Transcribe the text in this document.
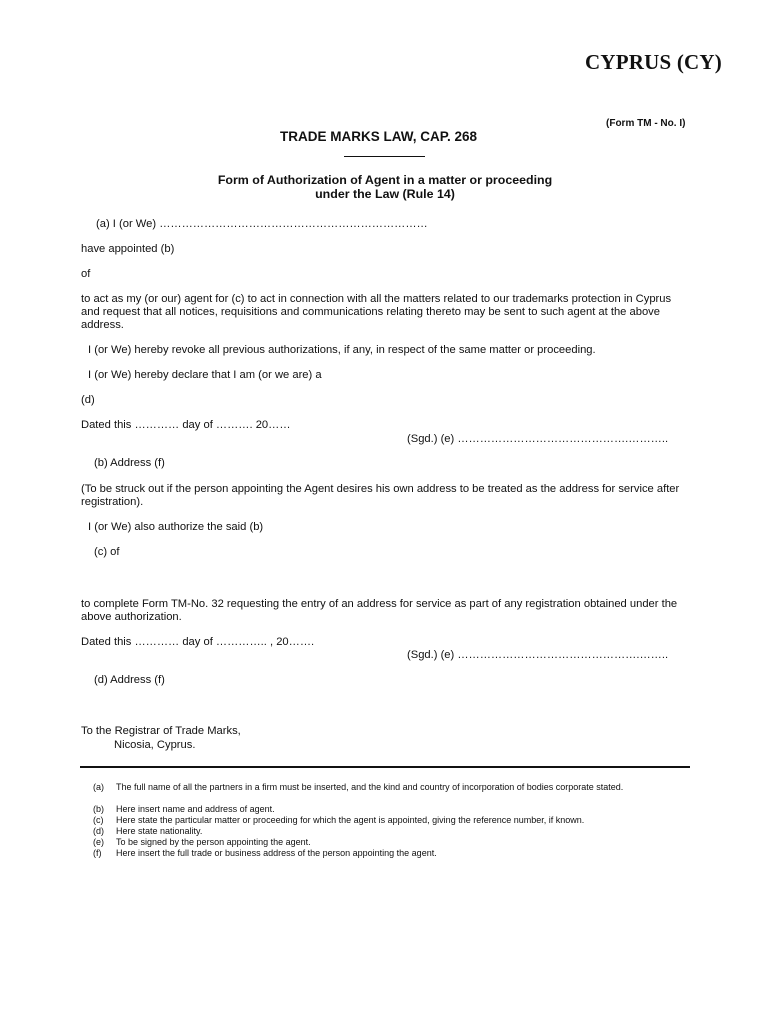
CYPRUS (CY)
(Form TM - No. I)
TRADE MARKS LAW, CAP. 268
Form of Authorization of Agent in a matter or proceeding
under the Law (Rule 14)
(a) I (or We) ………………………………………………………………
have appointed (b)
of
to act as my (or our) agent for (c) to act in connection with all the matters related to our trademarks protection in Cyprus and request that all notices, requisitions and communications relating thereto may be sent to such agent at the above address.
I (or We) hereby revoke all previous authorizations, if any, in respect of the same matter or proceeding.
I (or We) hereby declare that I am (or we are) a
(d)
Dated this ………… day of ………. 20……
(Sgd.) (e) ……………………………………….………..
(b) Address (f)
(To be struck out if the person appointing the Agent desires his own address to be treated as the address for service after registration).
I (or We) also authorize the said (b)
(c) of
to complete Form TM-No. 32 requesting the entry of an address for service as part of any registration obtained under the above authorization.
Dated this ………… day of ………….. , 20…….
(Sgd.) (e) ………………………………………….……..
(d) Address (f)
To the Registrar of Trade Marks,
Nicosia, Cyprus.
(a) The full name of all the partners in a firm must be inserted, and the kind and country of incorporation of bodies corporate stated.
(b) Here insert name and address of agent.
(c) Here state the particular matter or proceeding for which the agent is appointed, giving the reference number, if known.
(d) Here state nationality.
(e) To be signed by the person appointing the agent.
(f) Here insert the full trade or business address of the person appointing the agent.
